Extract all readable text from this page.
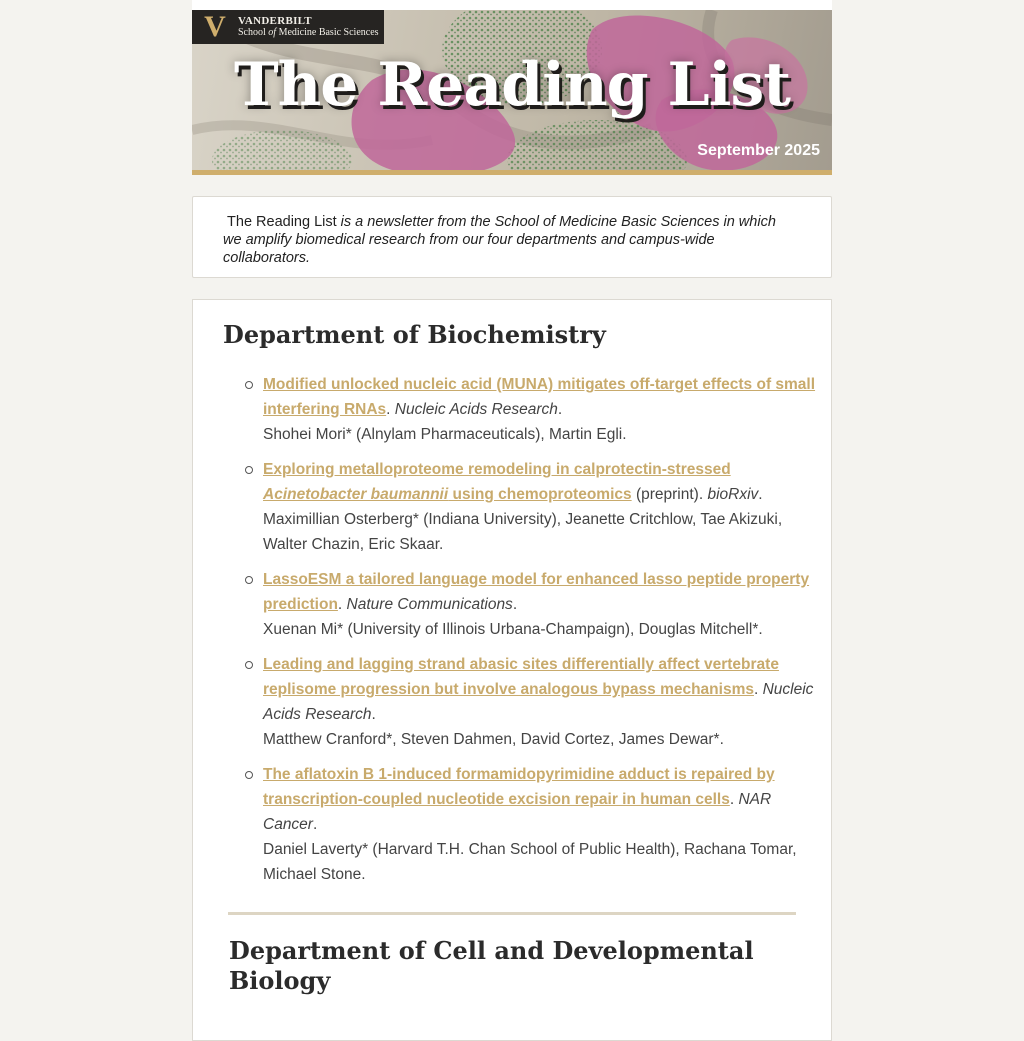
V	VANDERBILT
School of Medicine Basic Sciences
The Reading List
September 2025
The Reading List is a newsletter from the School of Medicine Basic Sciences in which we amplify biomedical research from our four departments and campus-wide collaborators.
Department of Biochemistry
Modified unlocked nucleic acid (MUNA) mitigates off-target effects of small interfering RNAs. Nucleic Acids Research.
Shohei Mori* (Alnylam Pharmaceuticals), Martin Egli.
Exploring metalloproteome remodeling in calprotectin-stressed Acinetobacter baumannii using chemoproteomics (preprint). bioRxiv.
Maximillian Osterberg* (Indiana University), Jeanette Critchlow, Tae Akizuki, Walter Chazin, Eric Skaar.
LassoESM a tailored language model for enhanced lasso peptide property prediction. Nature Communications.
Xuenan Mi* (University of Illinois Urbana-Champaign), Douglas Mitchell*.
Leading and lagging strand abasic sites differentially affect vertebrate replisome progression but involve analogous bypass mechanisms. Nucleic Acids Research.
Matthew Cranford*, Steven Dahmen, David Cortez, James Dewar*.
The aflatoxin B 1-induced formamidopyrimidine adduct is repaired by transcription-coupled nucleotide excision repair in human cells. NAR Cancer.
Daniel Laverty* (Harvard T.H. Chan School of Public Health), Rachana Tomar, Michael Stone.
Department of Cell and Developmental Biology
